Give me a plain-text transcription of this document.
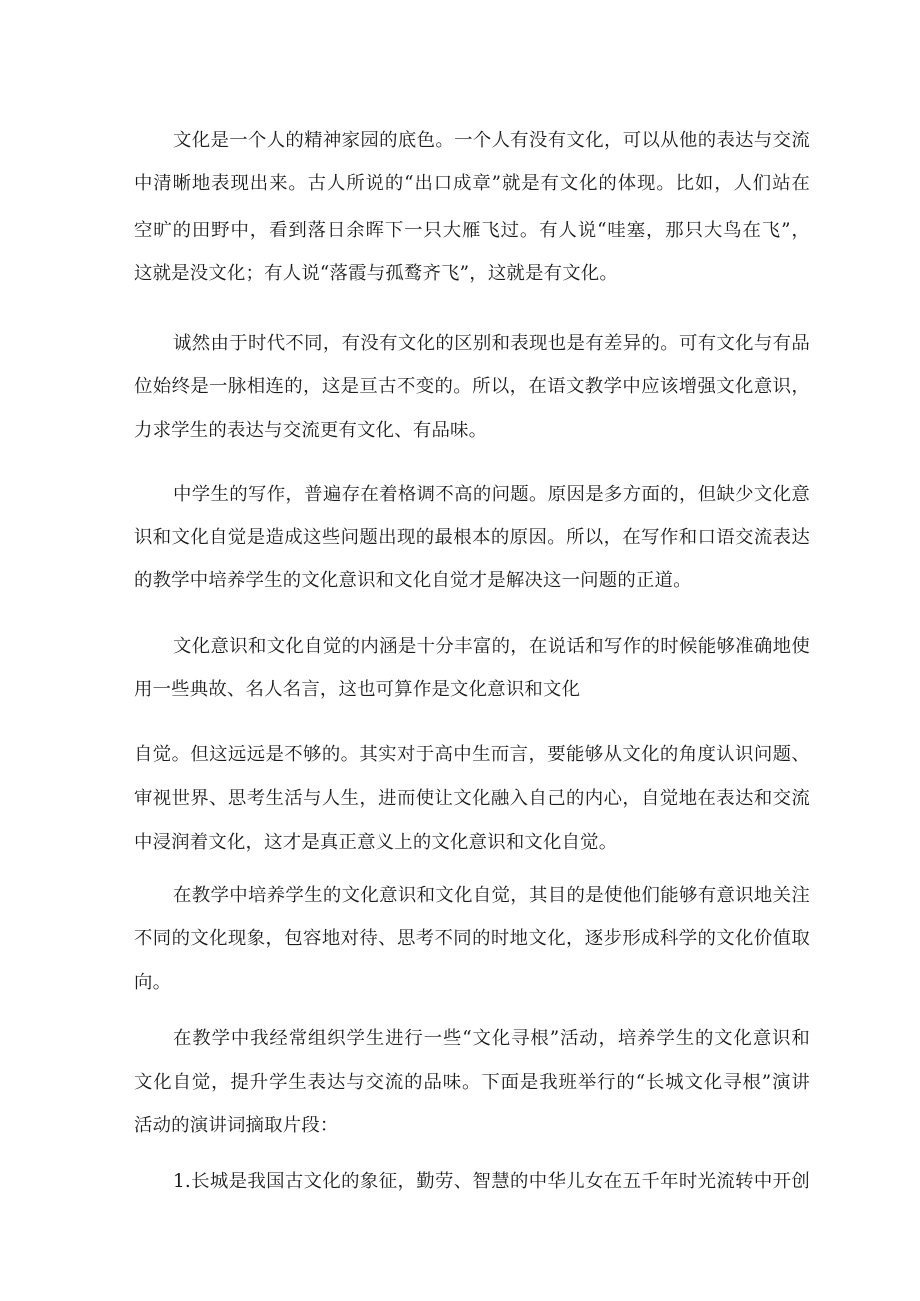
文化是一个人的精神家园的底色。一个人有没有文化，可以从他的表达与交流
中清晰地表现出来。古人所说的“出口成章”就是有文化的体现。比如，人们站在
空旷的田野中，看到落日余晖下一只大雁飞过。有人说“哇塞，那只大鸟在飞”，
这就是没文化；有人说“落霞与孤鹜齐飞”，这就是有文化。
诚然由于时代不同，有没有文化的区别和表现也是有差异的。可有文化与有品
位始终是一脉相连的，这是亘古不变的。所以，在语文教学中应该增强文化意识，
力求学生的表达与交流更有文化、有品味。
中学生的写作，普遍存在着格调不高的问题。原因是多方面的，但缺少文化意
识和文化自觉是造成这些问题出现的最根本的原因。所以，在写作和口语交流表达
的教学中培养学生的文化意识和文化自觉才是解决这一问题的正道。
文化意识和文化自觉的内涵是十分丰富的，在说话和写作的时候能够准确地使
用一些典故、名人名言，这也可算作是文化意识和文化
自觉。但这远远是不够的。其实对于高中生而言，要能够从文化的角度认识问题、
审视世界、思考生活与人生，进而使让文化融入自己的内心，自觉地在表达和交流
中浸润着文化，这才是真正意义上的文化意识和文化自觉。
在教学中培养学生的文化意识和文化自觉，其目的是使他们能够有意识地关注
不同的文化现象，包容地对待、思考不同的时地文化，逐步形成科学的文化价值取
向。
在教学中我经常组织学生进行一些“文化寻根”活动，培养学生的文化意识和
文化自觉，提升学生表达与交流的品味。下面是我班举行的“长城文化寻根”演讲
活动的演讲词摘取片段：
1.长城是我国古文化的象征，勤劳、智慧的中华儿女在五千年时光流转中开创
